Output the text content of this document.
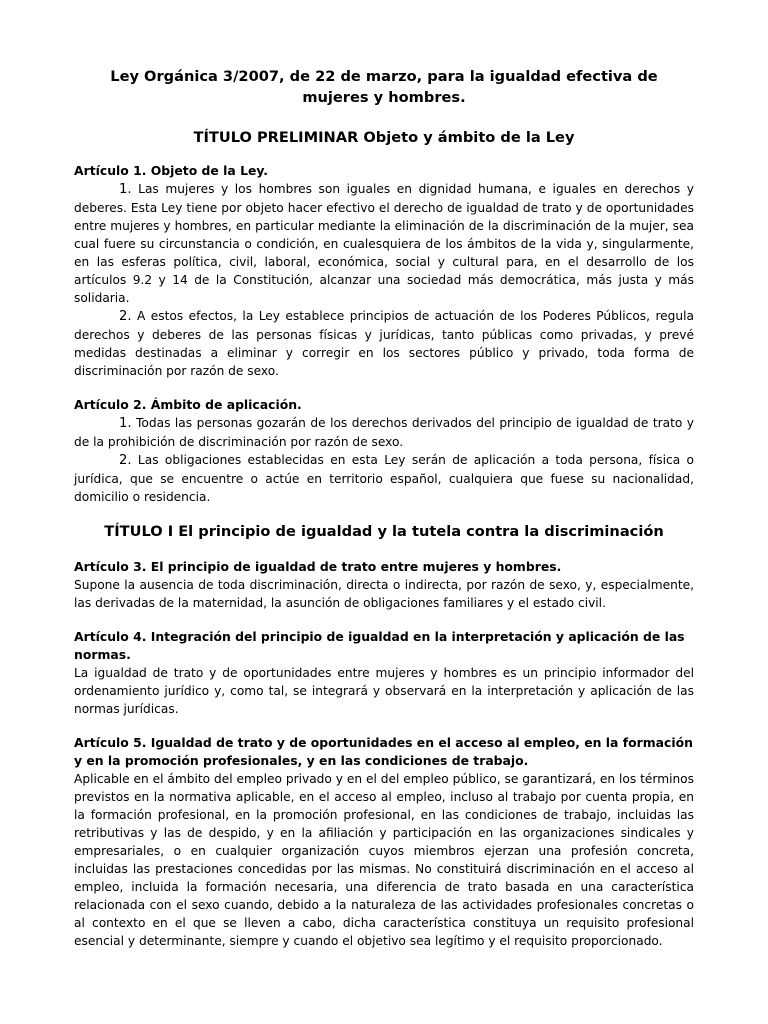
Ley Orgánica 3/2007, de 22 de marzo, para la igualdad efectiva de mujeres y hombres.
TÍTULO PRELIMINAR Objeto y ámbito de la Ley
Artículo 1. Objeto de la Ley.

1. Las mujeres y los hombres son iguales en dignidad humana, e iguales en derechos y deberes. Esta Ley tiene por objeto hacer efectivo el derecho de igualdad de trato y de oportunidades entre mujeres y hombres, en particular mediante la eliminación de la discriminación de la mujer, sea cual fuere su circunstancia o condición, en cualesquiera de los ámbitos de la vida y, singularmente, en las esferas política, civil, laboral, económica, social y cultural para, en el desarrollo de los artículos 9.2 y 14 de la Constitución, alcanzar una sociedad más democrática, más justa y más solidaria.

2. A estos efectos, la Ley establece principios de actuación de los Poderes Públicos, regula derechos y deberes de las personas físicas y jurídicas, tanto públicas como privadas, y prevé medidas destinadas a eliminar y corregir en los sectores público y privado, toda forma de discriminación por razón de sexo.

Artículo 2. Ámbito de aplicación.

1. Todas las personas gozarán de los derechos derivados del principio de igualdad de trato y de la prohibición de discriminación por razón de sexo.

2. Las obligaciones establecidas en esta Ley serán de aplicación a toda persona, física o jurídica, que se encuentre o actúe en territorio español, cualquiera que fuese su nacionalidad, domicilio o residencia.

TÍTULO I El principio de igualdad y la tutela contra la discriminación
Artículo 3. El principio de igualdad de trato entre mujeres y hombres.

Supone la ausencia de toda discriminación, directa o indirecta, por razón de sexo, y, especialmente, las derivadas de la maternidad, la asunción de obligaciones familiares y el estado civil.

Artículo 4. Integración del principio de igualdad en la interpretación y aplicación de las normas.

La igualdad de trato y de oportunidades entre mujeres y hombres es un principio informador del ordenamiento jurídico y, como tal, se integrará y observará en la interpretación y aplicación de las normas jurídicas.

Artículo 5. Igualdad de trato y de oportunidades en el acceso al empleo, en la formación y en la promoción profesionales, y en las condiciones de trabajo.

Aplicable en el ámbito del empleo privado y en el del empleo público, se garantizará, en los términos previstos en la normativa aplicable, en el acceso al empleo, incluso al trabajo por cuenta propia, en la formación profesional, en la promoción profesional, en las condiciones de trabajo, incluidas las retributivas y las de despido, y en la afiliación y participación en las organizaciones sindicales y empresariales, o en cualquier organización cuyos miembros ejerzan una profesión concreta, incluidas las prestaciones concedidas por las mismas. No constituirá discriminación en el acceso al empleo, incluida la formación necesaria, una diferencia de trato basada en una característica relacionada con el sexo cuando, debido a la naturaleza de las actividades profesionales concretas o al contexto en el que se lleven a cabo, dicha característica constituya un requisito profesional esencial y determinante, siempre y cuando el objetivo sea legítimo y el requisito proporcionado.
